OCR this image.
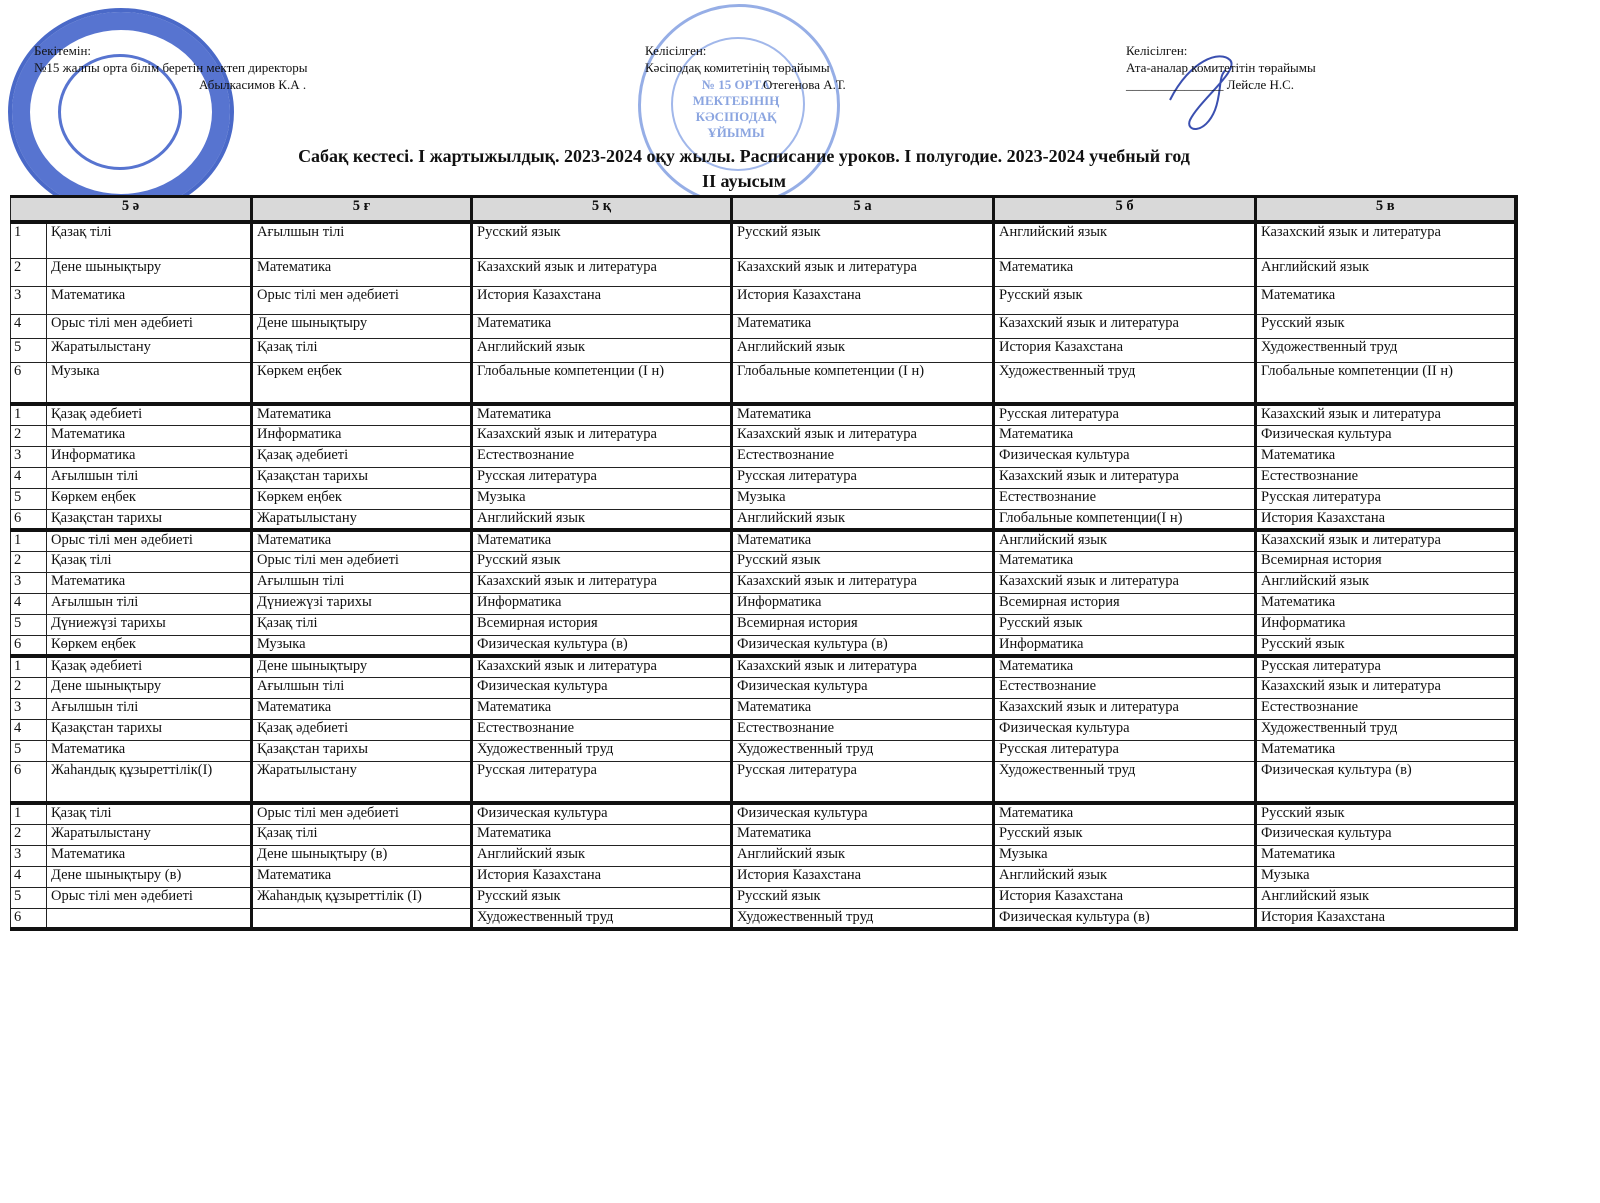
№ 15 ОРТА МЕКТЕБІНІҢ КӘСІПОДАҚ ҰЙЫМЫ
Бекітемін:
№15 жалпы орта білім беретін мектеп директоры
Абылкасимов К.А .
Келісілген:
Кәсіподақ комитетінің төрайымы
Отегенова А.Т.
Келісілген:
Ата-аналар комитетітін төрайымы
_______________ Лейсле Н.С.
Сабақ кестесі. I жартыжылдық. 2023-2024 оқу жылы. Расписание уроков. I полугодие. 2023-2024 учебный год
II ауысым
5 ә		5 ғ	5 қ	5 а	5 б	5 в
1	Қазақ тілі	Ағылшын тілі	Русский язык	Русский язык	Английский язык	Казахский язык и литература
2	Дене шынықтыру	Математика	Казахский язык и литература	Казахский язык и литература	Математика	Английский язык
3	Математика	Орыс тілі мен әдебиеті	История Казахстана	История Казахстана	Русский язык	Математика
4	Орыс тілі мен әдебиеті	Дене шынықтыру	Математика	Математика	Казахский язык и литература	Русский язык
5	Жаратылыстану	Қазақ тілі	Английский язык	Английский язык	История Казахстана	Художественный труд
6	Музыка	Көркем еңбек	Глобальные компетенции (I н)	Глобальные компетенции (I н)	Художественный труд	Глобальные компетенции (II н)
1	Қазақ әдебиеті	Математика	Математика	Математика	Русская литература	Казахский язык и литература
2	Математика	Информатика	Казахский язык и литература	Казахский язык и литература	Математика	Физическая культура
3	Информатика	Қазақ әдебиеті	Естествознание	Естествознание	Физическая культура	Математика
4	Ағылшын тілі	Қазақстан тарихы	Русская литература	Русская литература	Казахский язык и литература	Естествознание
5	Көркем еңбек	Көркем еңбек	Музыка	Музыка	Естествознание	Русская литература
6	Қазақстан тарихы	Жаратылыстану	Английский язык	Английский язык	Глобальные компетенции(I н)	История Казахстана
1	Орыс тілі мен әдебиеті	Математика	Математика	Математика	Английский язык	Казахский язык и литература
2	Қазақ тілі	Орыс тілі мен әдебиеті	Русский язык	Русский язык	Математика	Всемирная история
3	Математика	Ағылшын тілі	Казахский язык и литература	Казахский язык и литература	Казахский язык и литература	Английский язык
4	Ағылшын тілі	Дүниежүзі тарихы	Информатика	Информатика	Всемирная история	Математика
5	Дүниежүзі тарихы	Қазақ тілі	Всемирная история	Всемирная история	Русский язык	Информатика
6	Көркем еңбек	Музыка	Физическая культура (в)	Физическая культура (в)	Информатика	Русский язык
1	Қазақ әдебиеті	Дене шынықтыру	Казахский язык и литература	Казахский язык и литература	Математика	Русская литература
2	Дене шынықтыру	Ағылшын тілі	Физическая культура	Физическая культура	Естествознание	Казахский язык и литература
3	Ағылшын тілі	Математика	Математика	Математика	Казахский язык и литература	Естествознание
4	Қазақстан тарихы	Қазақ әдебиеті	Естествознание	Естествознание	Физическая культура	Художественный труд
5	Математика	Қазақстан тарихы	Художественный труд	Художественный труд	Русская литература	Математика
6	Жаһандық құзыреттілік(I)	Жаратылыстану	Русская литература	Русская литература	Художественный труд	Физическая культура (в)
1	Қазақ тілі	Орыс тілі мен әдебиеті	Физическая культура	Физическая культура	Математика	Русский язык
2	Жаратылыстану	Қазақ тілі	Математика	Математика	Русский язык	Физическая культура
3	Математика	Дене шынықтыру (в)	Английский язык	Английский язык	Музыка	Математика
4	Дене шынықтыру (в)	Математика	История Казахстана	История Казахстана	Английский язык	Музыка
5	Орыс тілі мен әдебиеті	Жаһандық құзыреттілік (I)	Русский язык	Русский язык	История Казахстана	Английский язык
6			Художественный труд	Художественный труд	Физическая культура (в)	История Казахстана
